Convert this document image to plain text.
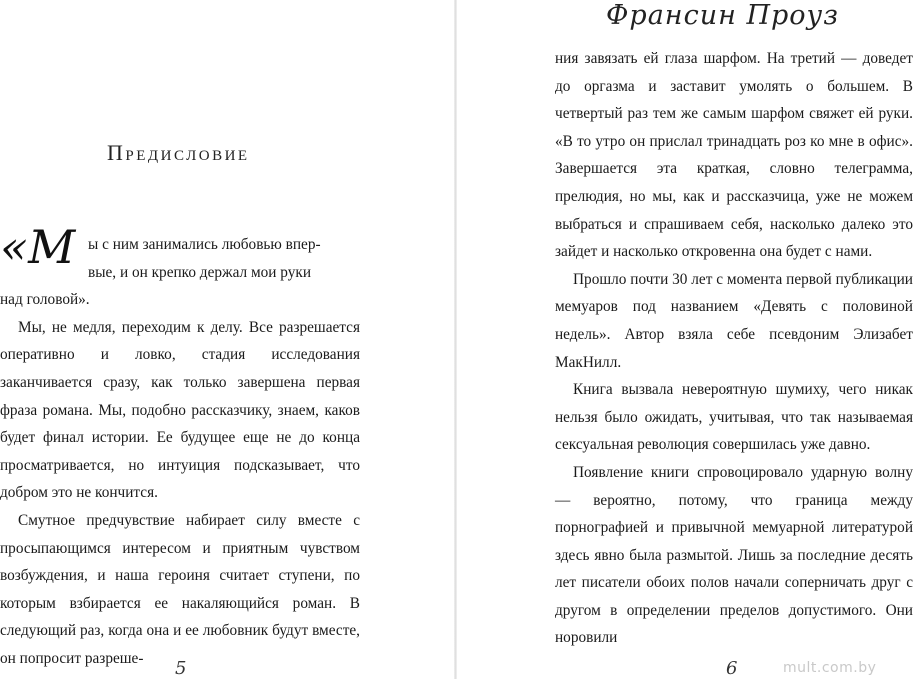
Предисловие

«М ы с ним занимались любовью впер-

вые, и он крепко держал мои руки

над головой».

Мы, не медля, переходим к делу. Все разрешается оперативно и ловко, стадия исследования заканчивается сразу, как только завершена первая фраза романа. Мы, подобно рассказчику, знаем, каков будет финал истории. Ее будущее еще не до конца просматривается, но интуиция подсказывает, что добром это не кончится.

Смутное предчувствие набирает силу вместе с просыпающимся интересом и приятным чувством возбуждения, и наша героиня считает ступени, по которым взбирается ее накаляющийся роман. В следующий раз, когда она и ее любовник будут вместе, он попросит разреше-	5
Франсин Проуз

ния завязать ей глаза шарфом. На третий — доведет до оргазма и заставит умолять о большем. В четвертый раз тем же самым шарфом свяжет ей руки. «В то утро он прислал тринадцать роз ко мне в офис». Завершается эта краткая, словно телеграмма, прелюдия, но мы, как и рассказчица, уже не можем выбраться и спрашиваем себя, насколько далеко это зайдет и насколько откровенна она будет с нами.

Прошло почти 30 лет с момента первой публикации мемуаров под названием «Девять с половиной недель». Автор взяла себе псевдоним Элизабет МакНилл.

Книга вызвала невероятную шумиху, чего никак нельзя было ожидать, учитывая, что так называемая сексуальная революция совершилась уже давно.

Появление книги спровоцировало ударную волну — вероятно, потому, что граница между порнографией и привычной мемуарной литературой здесь явно была размытой. Лишь за последние десять лет писатели обоих полов начали соперничать друг с другом в определении пределов допустимого. Они норовили

6	mult.com.by
